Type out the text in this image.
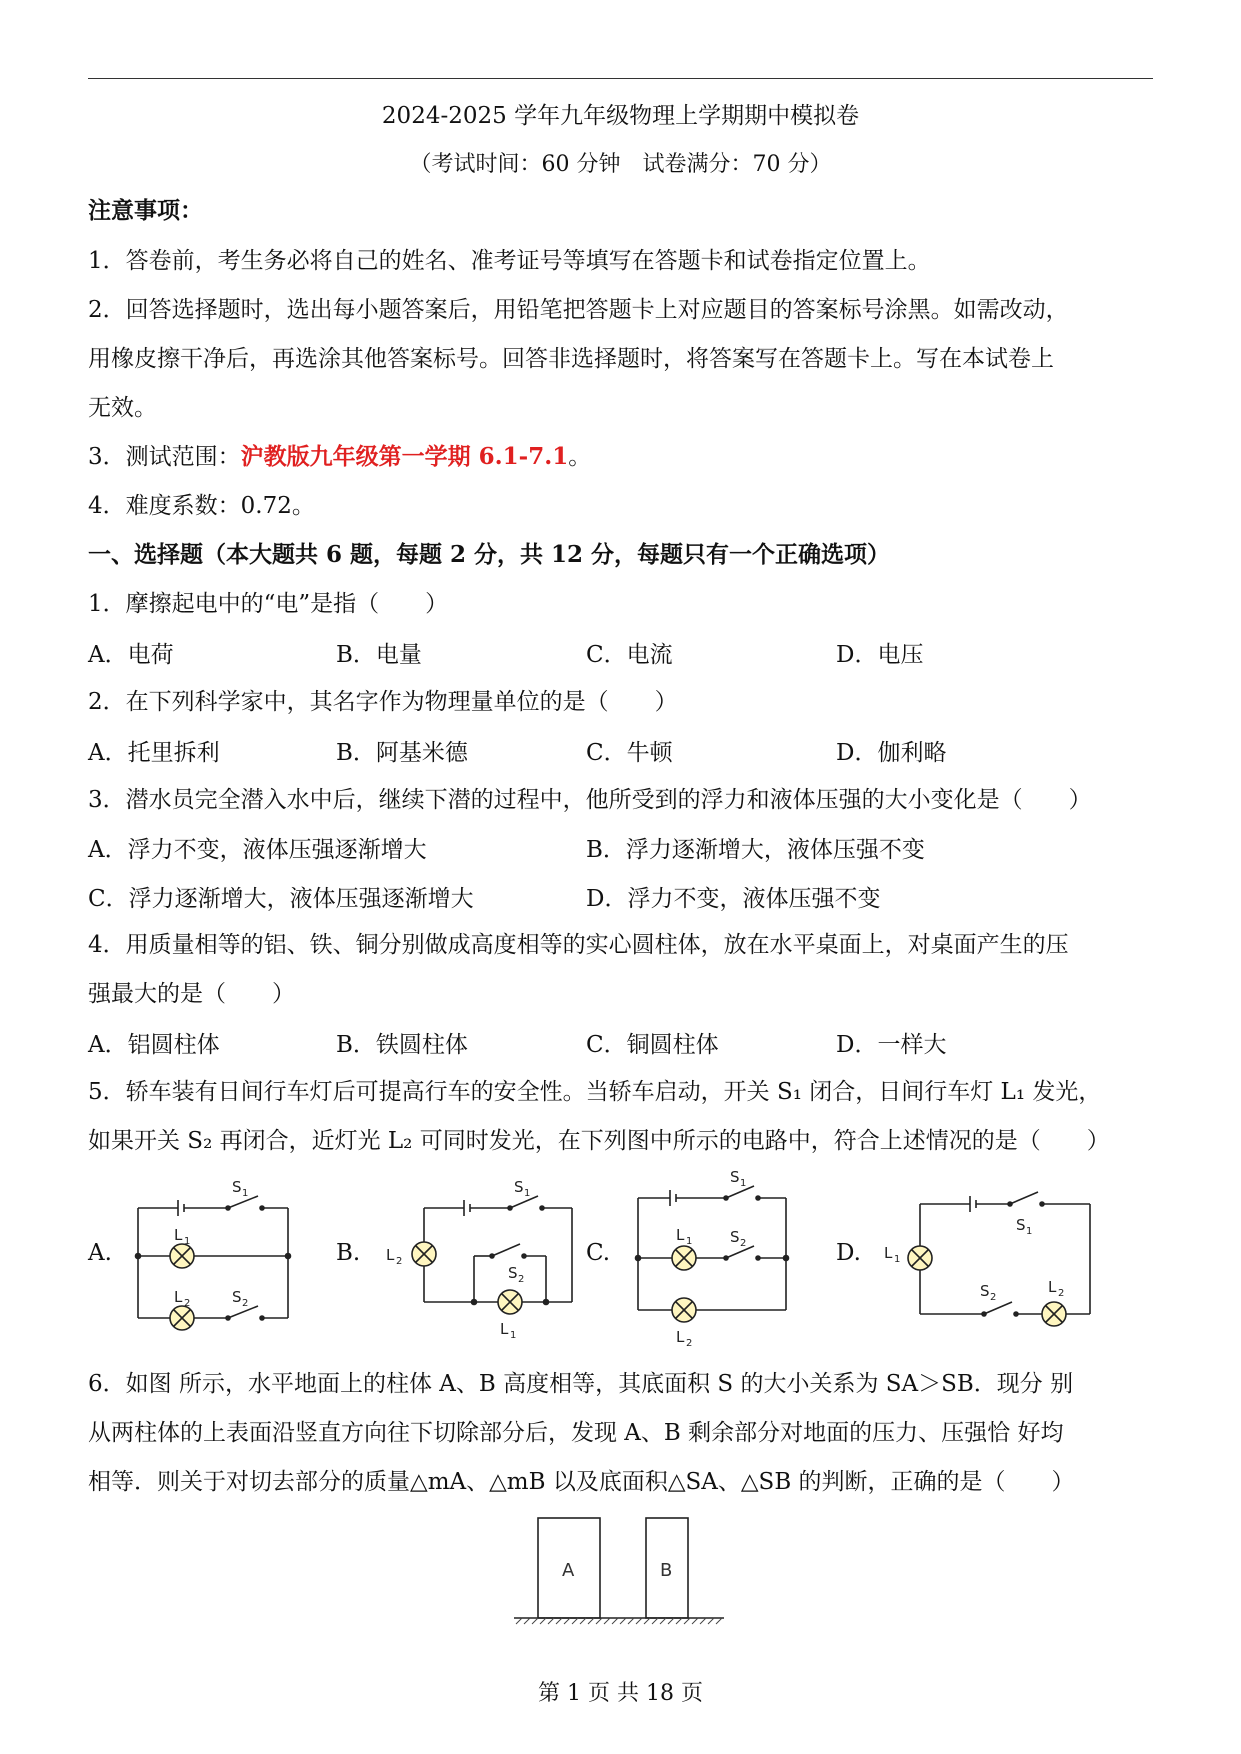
2024-2025 学年九年级物理上学期期中模拟卷
（考试时间：60 分钟　试卷满分：70 分）
注意事项：
1．答卷前，考生务必将自己的姓名、准考证号等填写在答题卡和试卷指定位置上。
2．回答选择题时，选出每小题答案后，用铅笔把答题卡上对应题目的答案标号涂黑。如需改动，
用橡皮擦干净后，再选涂其他答案标号。回答非选择题时，将答案写在答题卡上。写在本试卷上
无效。
3．测试范围：沪教版九年级第一学期 6.1-7.1。
4．难度系数：0.72。
一、选择题（本大题共 6 题，每题 2 分，共 12 分，每题只有一个正确选项）
1．摩擦起电中的“电”是指（　　）
A．电荷	B．电量	C．电流	D．电压
2．在下列科学家中，其名字作为物理量单位的是（　　）
A．托里拆利	B．阿基米德	C．牛顿	D．伽利略
3．潜水员完全潜入水中后，继续下潜的过程中，他所受到的浮力和液体压强的大小变化是（　　）
A．浮力不变，液体压强逐渐增大	B．浮力逐渐增大，液体压强不变
C．浮力逐渐增大，液体压强逐渐增大	D．浮力不变，液体压强不变
4．用质量相等的铝、铁、铜分别做成高度相等的实心圆柱体，放在水平桌面上，对桌面产生的压
强最大的是（　　）
A．铝圆柱体	B．铁圆柱体	C．铜圆柱体	D．一样大
5．轿车装有日间行车灯后可提高行车的安全性。当轿车启动，开关 S₁ 闭合，日间行车灯 L₁ 发光，
如果开关 S₂ 再闭合，近灯光 L₂ 可同时发光，在下列图中所示的电路中，符合上述情况的是（　　）
A.	B.	C.	D.
S 1
L 1
L 2	S 2
S 1
L 2
S 2
L 1
S 1
L 1	S 2
L 2
S 1
L 1
S 2
L 2
6．如图 所示，水平地面上的柱体 A、B 高度相等，其底面积 S 的大小关系为 SA＞SB．现分 别
从两柱体的上表面沿竖直方向往下切除部分后，发现 A、B 剩余部分对地面的压力、压强恰 好均
相等．则关于对切去部分的质量△mA、△mB 以及底面积△SA、△SB 的判断，正确的是（　　）
A	B
第 1 页 共 18 页
